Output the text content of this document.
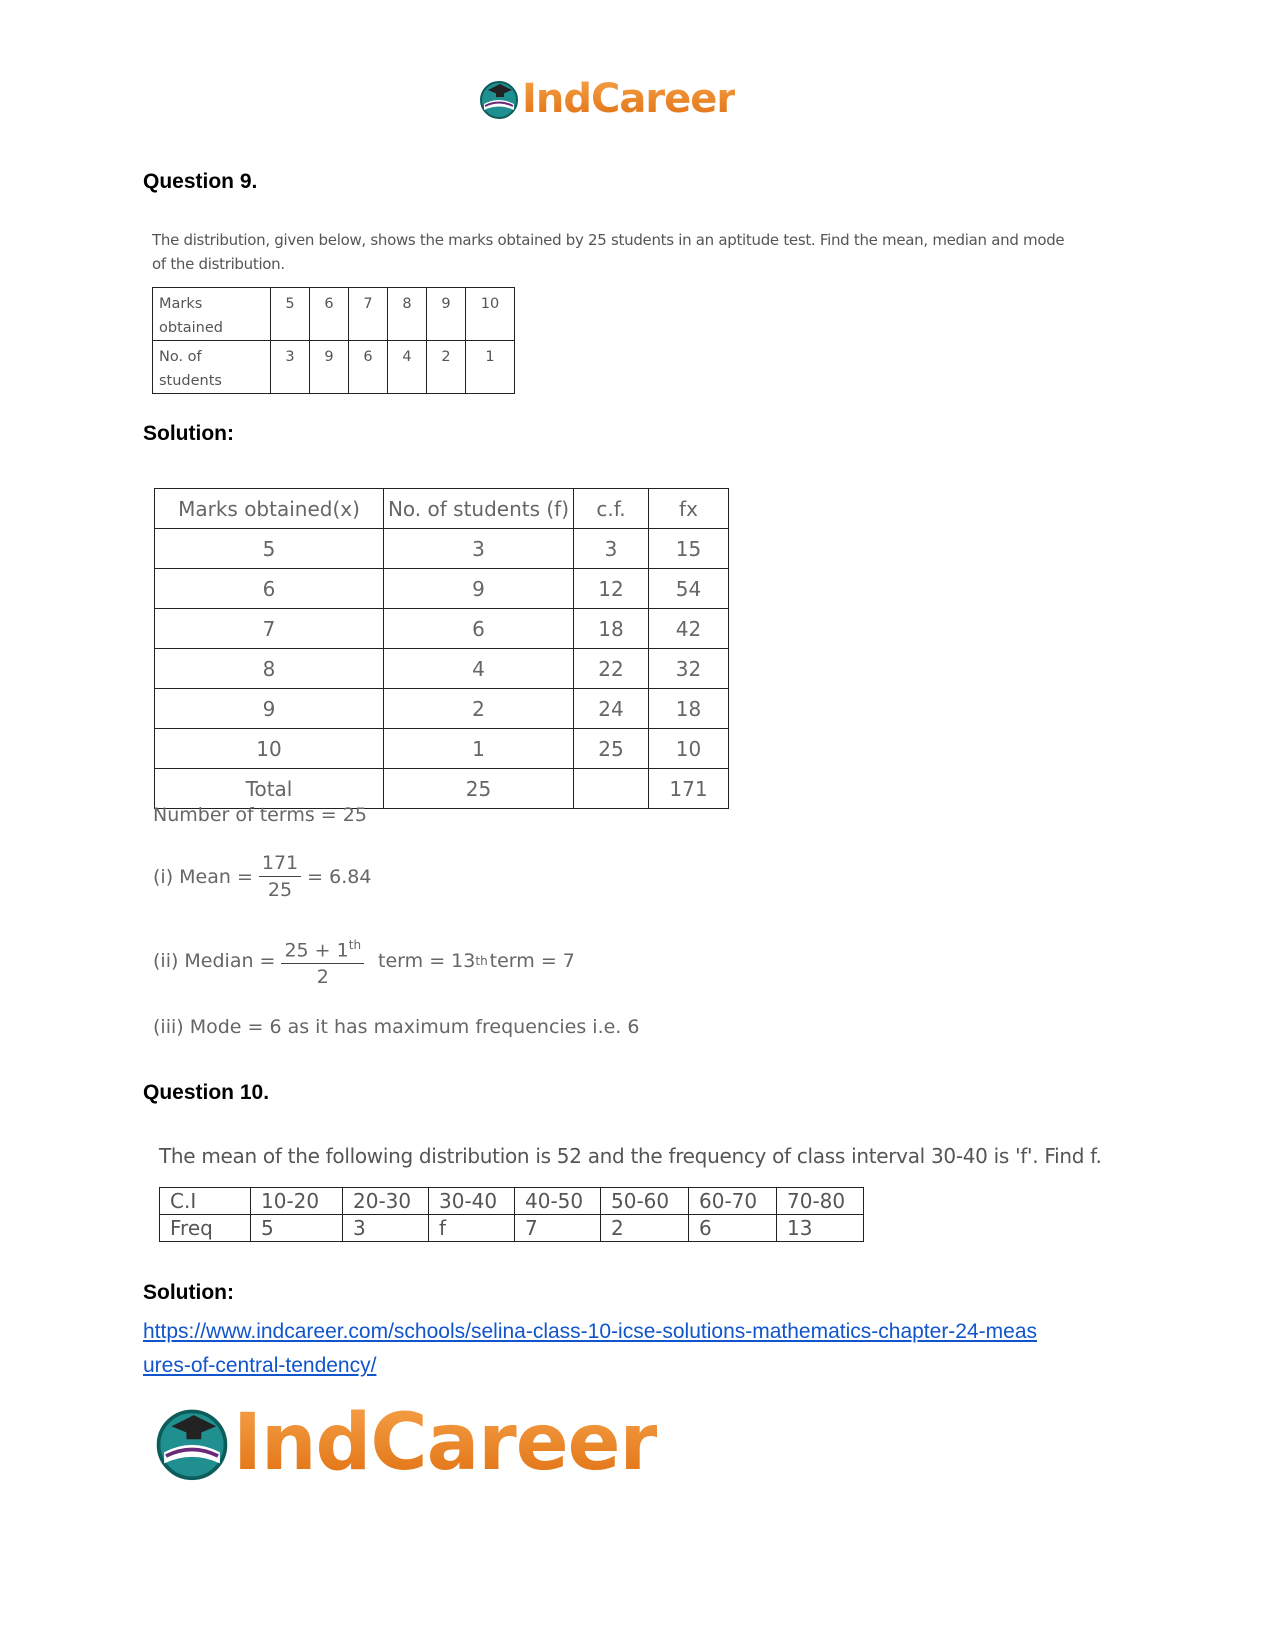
IndCareer
Question 9.
The distribution, given below, shows the marks obtained by 25 students in an aptitude test. Find the mean, median and mode of the distribution.
Marks obtained	5	6	7	8	9	10
No. of students	3	9	6	4	2	1
Solution:
Marks obtained(x)	No. of students (f)	c.f.	fx
5	3	3	15
6	9	12	54
7	6	18	42
8	4	22	32
9	2	24	18
10	1	25	10
Total	25		171
Number of terms = 25
(i) Mean = $\frac{171}{25} = 6.84$
(ii) Median = $\frac{25 + 1^{th}}{2}$ term = 13 th term = 7
(iii) Mode = 6 as it has maximum frequencies i.e. 6
Question 10.
The mean of the following distribution is 52 and the frequency of class interval 30-40 is 'f'. Find f.
C.I	10-20	20-30	30-40	40-50	50-60	60-70	70-80
Freq	5	3	f	7	2	6	13
Solution:
https://www.indcareer.com/schools/selina-class-10-icse-solutions-mathematics-chapter-24-meas
ures-of-central-tendency/
IndCareer
